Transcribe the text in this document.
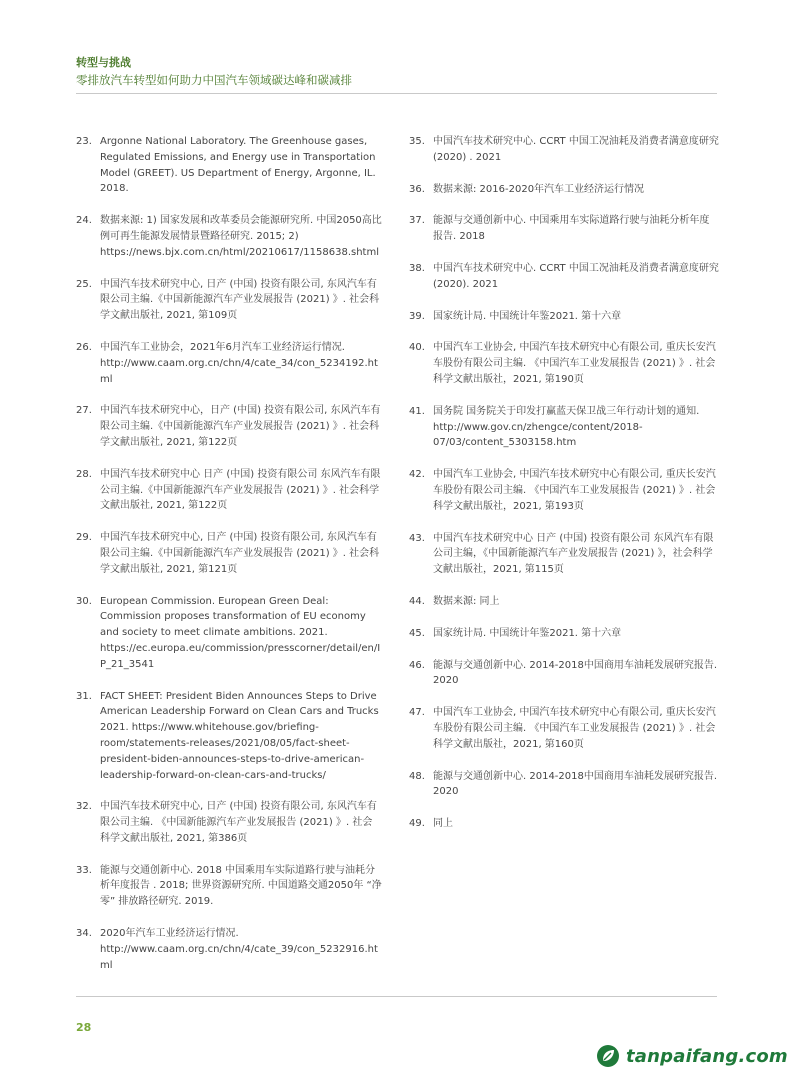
转型与挑战
零排放汽车转型如何助力中国汽车领域碳达峰和碳减排
23. Argonne National Laboratory. The Greenhouse gases, Regulated Emissions, and Energy use in Transportation Model (GREET). US Department of Energy, Argonne, IL. 2018.
24. 数据来源: 1) 国家发展和改革委员会能源研究所. 中国2050高比例可再生能源发展情景暨路径研究. 2015; 2) https://news.bjx.com.cn/html/20210617/1158638.shtml
25. 中国汽车技术研究中心, 日产 (中国) 投资有限公司, 东风汽车有限公司主编.《中国新能源汽车产业发展报告 (2021) 》. 社会科学文献出版社, 2021, 第109页
26. 中国汽车工业协会，2021年6月汽车工业经济运行情况. http://www.caam.org.cn/chn/4/cate_34/con_5234192.html
27. 中国汽车技术研究中心，日产 (中国) 投资有限公司, 东风汽车有限公司主编.《中国新能源汽车产业发展报告 (2021) 》. 社会科学文献出版社, 2021, 第122页
28. 中国汽车技术研究中心 日产 (中国) 投资有限公司 东风汽车有限公司主编.《中国新能源汽车产业发展报告 (2021) 》. 社会科学文献出版社, 2021, 第122页
29. 中国汽车技术研究中心, 日产 (中国) 投资有限公司, 东风汽车有限公司主编.《中国新能源汽车产业发展报告 (2021) 》. 社会科学文献出版社, 2021, 第121页
30. European Commission. European Green Deal: Commission proposes transformation of EU economy and society to meet climate ambitions. 2021. https://ec.europa.eu/commission/presscorner/detail/en/IP_21_3541
31. FACT SHEET: President Biden Announces Steps to Drive American Leadership Forward on Clean Cars and Trucks 2021. https://www.whitehouse.gov/briefing-room/statements-releases/2021/08/05/fact-sheet-president-biden-announces-steps-to-drive-american-leadership-forward-on-clean-cars-and-trucks/
32. 中国汽车技术研究中心, 日产 (中国) 投资有限公司, 东风汽车有限公司主编. 《中国新能源汽车产业发展报告 (2021) 》. 社会科学文献出版社, 2021, 第386页
33. 能源与交通创新中心. 2018 中国乘用车实际道路行驶与油耗分析年度报告 . 2018; 世界资源研究所. 中国道路交通2050年 “净零” 排放路径研究. 2019.
34. 2020年汽车工业经济运行情况. http://www.caam.org.cn/chn/4/cate_39/con_5232916.html
35. 中国汽车技术研究中心. CCRT 中国工况油耗及消费者满意度研究(2020) . 2021
36. 数据来源: 2016-2020年汽车工业经济运行情况
37. 能源与交通创新中心. 中国乘用车实际道路行驶与油耗分析年度报告. 2018
38. 中国汽车技术研究中心. CCRT 中国工况油耗及消费者满意度研究(2020). 2021
39. 国家统计局. 中国统计年鉴2021. 第十六章
40. 中国汽车工业协会, 中国汽车技术研究中心有限公司, 重庆长安汽车股份有限公司主编. 《中国汽车工业发展报告 (2021) 》. 社会科学文献出版社，2021, 第190页
41. 国务院 国务院关于印发打赢蓝天保卫战三年行动计划的通知. http://www.gov.cn/zhengce/content/2018-07/03/content_5303158.htm
42. 中国汽车工业协会, 中国汽车技术研究中心有限公司, 重庆长安汽车股份有限公司主编. 《中国汽车工业发展报告 (2021) 》. 社会科学文献出版社，2021, 第193页
43. 中国汽车技术研究中心 日产 (中国) 投资有限公司 东风汽车有限公司主编，《中国新能源汽车产业发展报告 (2021) 》，社会科学文献出版社，2021, 第115页
44. 数据来源: 同上
45. 国家统计局. 中国统计年鉴2021. 第十六章
46. 能源与交通创新中心. 2014-2018中国商用车油耗发展研究报告. 2020
47. 中国汽车工业协会, 中国汽车技术研究中心有限公司, 重庆长安汽车股份有限公司主编. 《中国汽车工业发展报告 (2021) 》. 社会科学文献出版社，2021, 第160页
48. 能源与交通创新中心. 2014-2018中国商用车油耗发展研究报告. 2020
49. 同上
28
tanpaifang.com
